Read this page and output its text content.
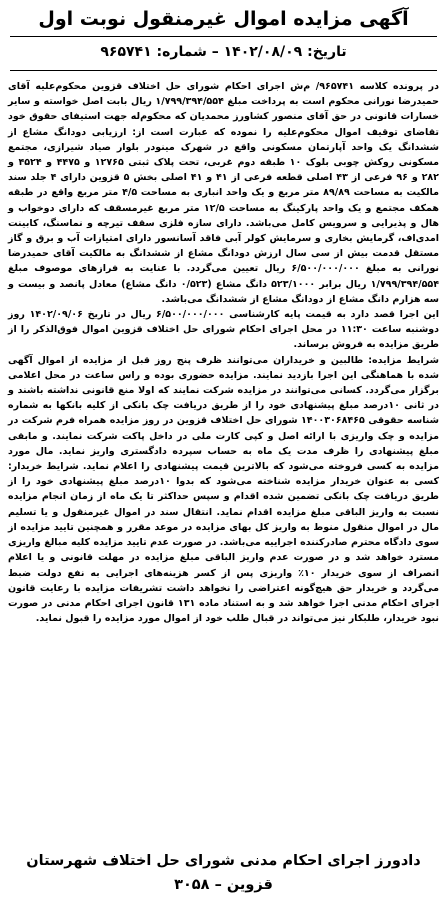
آگهی مزایده اموال غیرمنقول نوبت اول
تاریخ: ۱۴۰۲/۰۸/۰۹ – شماره: ۹۶۵۷۴۱

در پرونده کلاسه ۹۶۵۷۴۱/ م‌ش اجرای احکام شورای حل اختلاف قزوین محکوم‌علیه آقای حمیدرضا نورانی محکوم است به پرداخت مبلغ ۱/۷۹۹/۳۹۴/۵۵۴ ریال بابت اصل خواسته و سایر خسارات قانونی در حق آقای منصور کشاورز محمدیان که محکوم‌له جهت استیفای حقوق خود تقاضای توقیف اموال محکوم‌علیه را نموده که عبارت است از: ارزیابی دودانگ مشاع از ششدانگ یک واحد آپارتمان مسکونی واقع در شهرک مینودر بلوار صیاد شیرازی، مجتمع مسکونی روکش چوبی بلوک ۱۰ طبقه دوم غربی، تحت پلاک ثبتی ۱۲۷۶۵ و ۴۴۷۵ و ۴۵۲۴ و ۲۸۲ و ۹۶ فرعی از ۴۳ اصلی قطعه فرعی از ۴۱ و ۴۱ اصلی بخش ۵ قزوین دارای ۴ جلد سند مالکیت به مساحت ۸۹/۸۹ متر مربع و یک واحد انباری به مساحت ۴/۵ متر مربع واقع در طبقه همکف مجتمع و یک واحد پارکینگ به مساحت ۱۲/۵ متر مربع غیرمسقف که دارای دوخواب و هال و پذیرایی و سرویس کامل می‌باشد. دارای سازه فلزی سقف تیرچه و نماسنگ، کابینت امدی‌اف، گرمایش بخاری و سرمایش کولر آبی فاقد آسانسور دارای امتیازات آب و برق و گاز مستقل قدمت بیش از سی سال ارزش دودانگ مشاع از ششدانگ به مالکیت آقای حمیدرضا نورانی به مبلغ ۶/۵۰۰/۰۰۰/۰۰۰ ریال تعیین می‌گردد. با عنایت به فرازهای موصوف مبلغ ۱/۷۹۹/۳۹۴/۵۵۴ ریال برابر ۵۲۳/۱۰۰۰ دانگ مشاع (۰/۵۲۳ دانگ مشاع) معادل پانصد و بیست و سه هزارم دانگ مشاع از دودانگ مشاع از ششدانگ می‌باشد.

این اجرا قصد دارد به قیمت پایه کارشناسی ۶/۵۰۰/۰۰۰/۰۰۰ ریال در تاریخ ۱۴۰۲/۰۹/۰۶ روز دوشنبه ساعت ۱۱:۳۰ در محل اجرای احکام شورای حل اختلاف قزوین اموال فوق‌الذکر را از طریق مزایده به فروش برساند.

شرایط مزایده: طالبین و خریداران می‌توانند ظرف پنج روز قبل از مزایده از اموال آگهی شده با هماهنگی این اجرا بازدید نمایند. مزایده حضوری بوده و راس ساعت در محل اعلامی برگزار می‌گردد. کسانی می‌توانند در مزایده شرکت نمایند که اولا منع قانونی نداشته باشند و در ثانی ۱۰درصد مبلغ پیشنهادی خود را از طریق دریافت چک بانکی از کلیه بانکها به شماره شناسه حقوقی ۱۴۰۰۳۰۶۸۴۶۵ شورای حل اختلاف قزوین در روز مزایده همراه فرم شرکت در مزایده و چک واریزی با ارائه اصل و کپی کارت ملی در داخل پاکت شرکت نمایند. و مابقی مبلغ پیشنهادی را ظرف مدت یک ماه به حساب سپرده دادگستری واریز نماید. مال مورد مزایده به کسی فروخته می‌شود که بالاترین قیمت پیشنهادی را اعلام نماید. شرایط خریدار: کسی به عنوان خریدار مزایده شناخته می‌شود که بدوا ۱۰درصد مبلغ پیشنهادی خود را از طریق دریافت چک بانکی تضمین شده اقدام و سپس حداکثر تا یک ماه از زمان انجام مزایده نسبت به واریز الباقی مبلغ مزایده اقدام نماید. انتقال سند در اموال غیرمنقول و یا تسلیم مال در اموال منقول منوط به واریز کل بهای مزایده در موعد مقرر و همچنین تایید مزایده از سوی دادگاه محترم صادرکننده اجراییه می‌باشد. در صورت عدم تایید مزایده کلیه مبالغ واریزی مسترد خواهد شد و در صورت عدم واریز الباقی مبلغ مزایده در مهلت قانونی و یا اعلام انصراف از سوی خریدار ۱۰٪ واریزی پس از کسر هزینه‌های اجرایی به نفع دولت ضبط می‌گردد و خریدار حق هیچ‌گونه اعتراضی را نخواهد داشت تشریفات مزایده با رعایت قانون اجرای احکام مدنی اجرا خواهد شد و به استناد ماده ۱۳۱ قانون اجرای احکام مدنی در صورت نبود خریدار، طلبکار نیز می‌تواند در قبال طلب خود از اموال مورد مزایده را قبول نماید.

دادورز اجرای احکام مدنی شورای حل اختلاف شهرستان
قزوین – ۳۰۵۸
